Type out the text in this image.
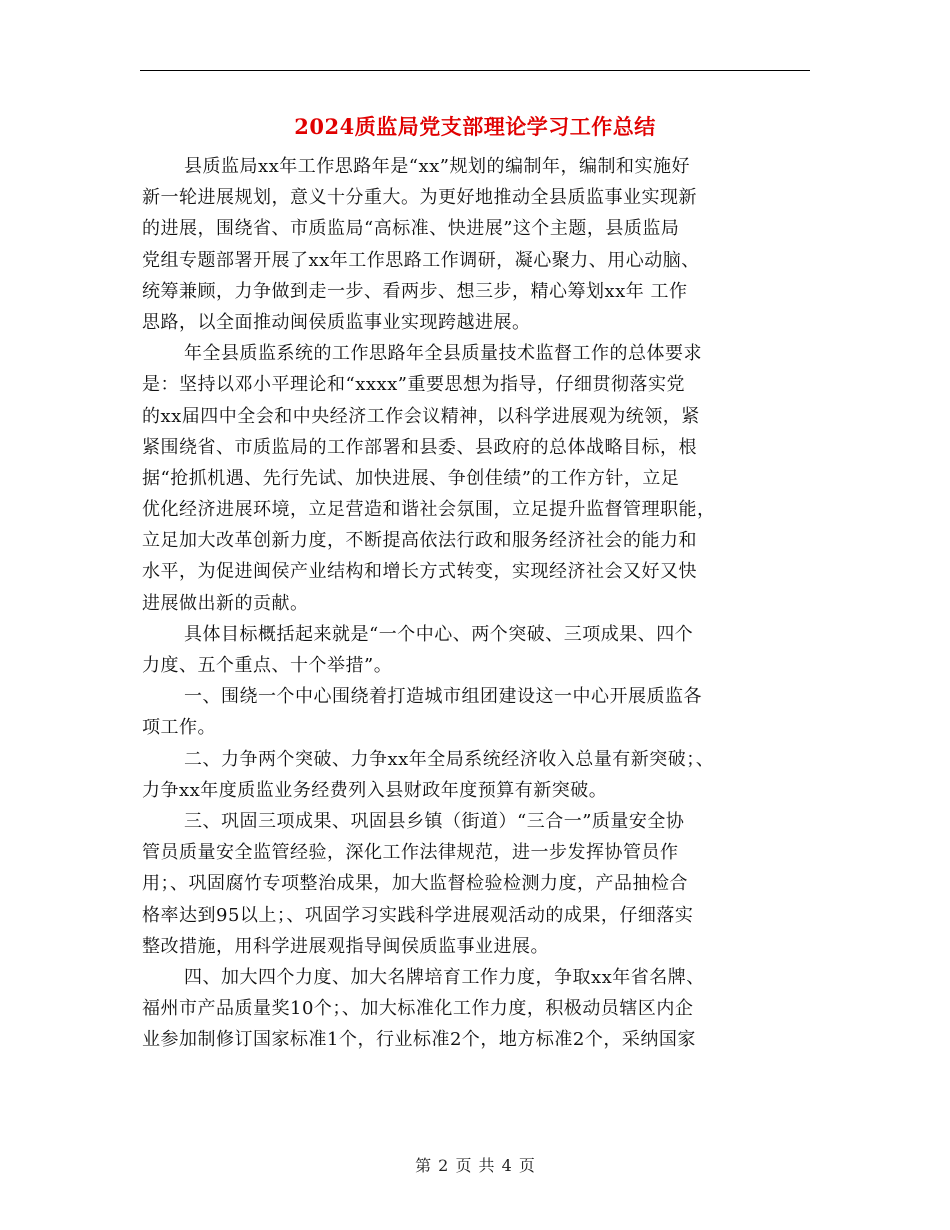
2024质监局党支部理论学习工作总结
县质监局xx年工作思路年是“xx”规划的编制年，编制和实施好
新一轮进展规划，意义十分重大。为更好地推动全县质监事业实现新
的进展，围绕省、市质监局“高标准、快进展”这个主题，县质监局
党组专题部署开展了xx年工作思路工作调研，凝心聚力、用心动脑、
统筹兼顾，力争做到走一步、看两步、想三步，精心筹划xx年 工作
思路，以全面推动闽侯质监事业实现跨越进展。
年全县质监系统的工作思路年全县质量技术监督工作的总体要求
是：坚持以邓小平理论和“xxxx”重要思想为指导，仔细贯彻落实党
的xx届四中全会和中央经济工作会议精神，以科学进展观为统领，紧
紧围绕省、市质监局的工作部署和县委、县政府的总体战略目标，根
据“抢抓机遇、先行先试、加快进展、争创佳绩”的工作方针，立足
优化经济进展环境，立足营造和谐社会氛围，立足提升监督管理职能，
立足加大改革创新力度，不断提高依法行政和服务经济社会的能力和
水平，为促进闽侯产业结构和增长方式转变，实现经济社会又好又快
进展做出新的贡献。
具体目标概括起来就是“一个中心、两个突破、三项成果、四个
力度、五个重点、十个举措”。
一、围绕一个中心围绕着打造城市组团建设这一中心开展质监各
项工作。
二、力争两个突破、力争xx年全局系统经济收入总量有新突破；、
力争xx年度质监业务经费列入县财政年度预算有新突破。
三、巩固三项成果、巩固县乡镇（街道）“三合一”质量安全协
管员质量安全监管经验，深化工作法律规范，进一步发挥协管员作
用；、巩固腐竹专项整治成果，加大监督检验检测力度，产品抽检合
格率达到95以上；、巩固学习实践科学进展观活动的成果，仔细落实
整改措施，用科学进展观指导闽侯质监事业进展。
四、加大四个力度、加大名牌培育工作力度，争取xx年省名牌、
福州市产品质量奖10个；、加大标准化工作力度，积极动员辖区内企
业参加制修订国家标准1个，行业标准2个，地方标准2个，采纳国家
第 2 页 共 4 页
